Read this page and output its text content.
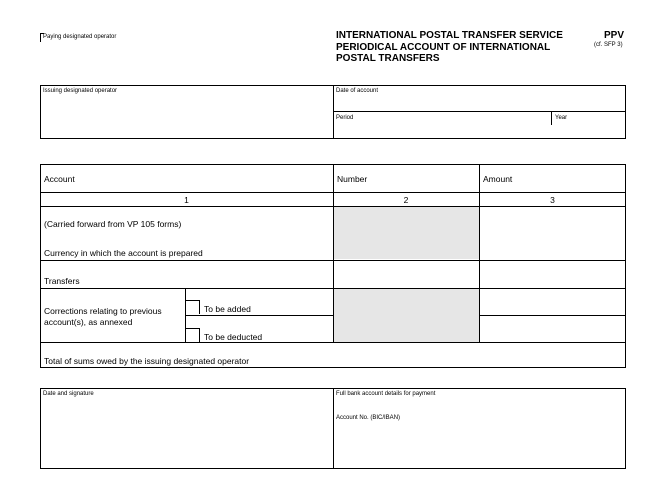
Paying designated operator	INTERNATIONAL POSTAL TRANSFER SERVICE
PERIODICAL ACCOUNT OF INTERNATIONAL
POSTAL TRANSFERS
PPV
(cf. SFP 3)
Issuing designated operator	Date of account
Period	Year
Account	Number	Amount
1	2	3
(Carried forward from VP 105 forms)
Currency in which the account is prepared
Transfers
Corrections relating to previous account(s), as annexed
To be added
To be deducted
Total of sums owed by the issuing designated operator
Date and signature	Full bank account details for payment
Account No. (BIC/IBAN)
